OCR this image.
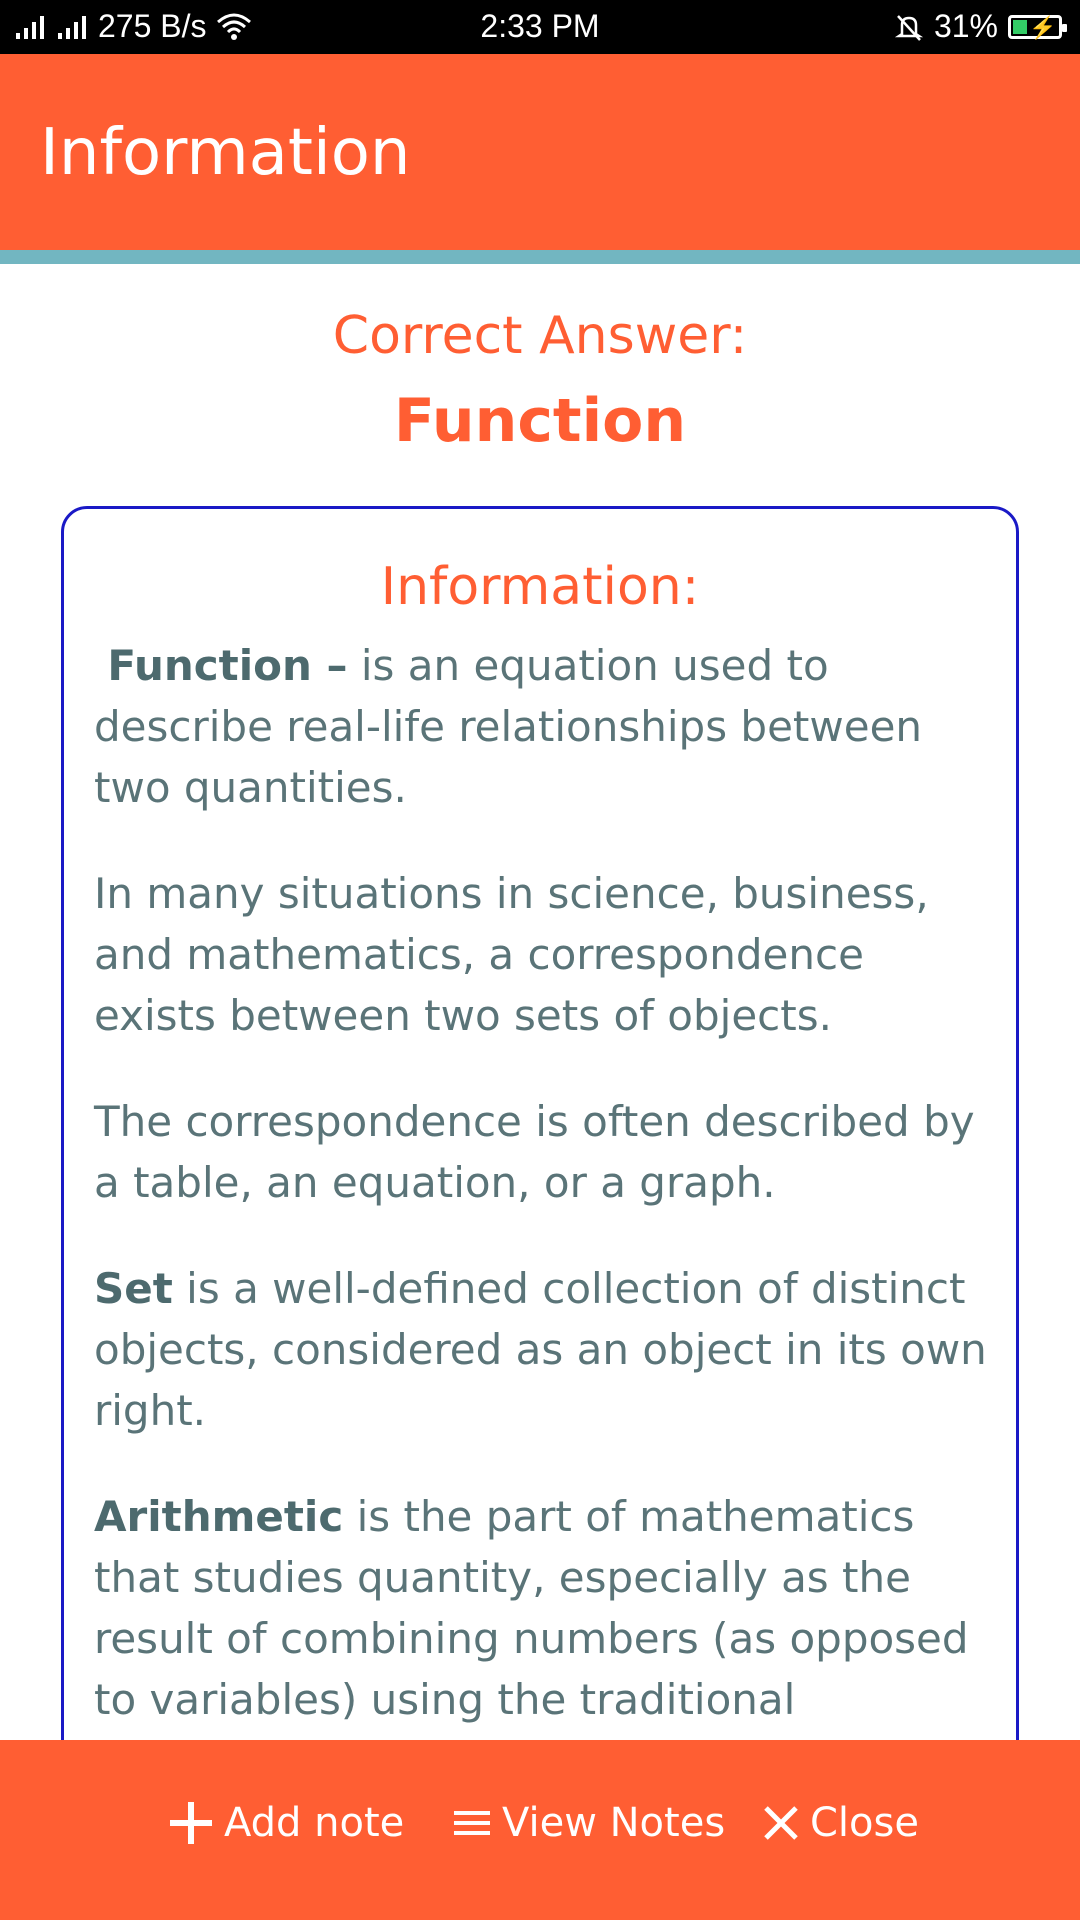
275 B/s	2:33 PM	31% ⚡
Information
Correct Answer:
Function
Information:

Function – is an equation used to describe real-life relationships between two quantities.

In many situations in science, business, and mathematics, a correspondence exists between two sets of objects.

The correspondence is often described by a table, an equation, or a graph.

Set is a well-defined collection of distinct objects, considered as an object in its own right.

Arithmetic is the part of mathematics that studies quantity, especially as the result of combining numbers (as opposed to variables) using the traditional

Add note View Notes Close
